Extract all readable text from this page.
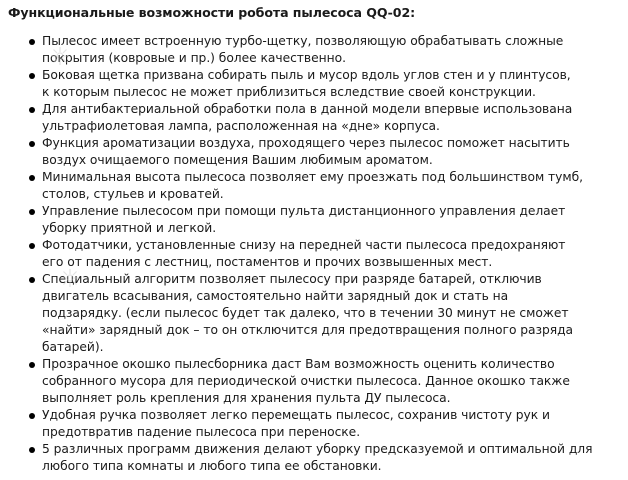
Функциональные возможности робота пылесоса QQ-02:
Пылесос имеет встроенную турбо-щетку, позволяющую обрабатывать сложные
покрытия (ковровые и пр.) более качественно.
Боковая щетка призвана собирать пыль и мусор вдоль углов стен и у плинтусов,
к которым пылесос не может приблизиться вследствие своей конструкции.
Для антибактериальной обработки пола в данной модели впервые использована
ультрафиолетовая лампа, расположенная на «дне» корпуса.
Функция ароматизации воздуха, проходящего через пылесос поможет насытить
воздух очищаемого помещения Вашим любимым ароматом.
Минимальная высота пылесоса позволяет ему проезжать под большинством тумб,
столов, стульев и кроватей.
Управление пылесосом при помощи пульта дистанционного управления делает
уборку приятной и легкой.
Фотодатчики, установленные снизу на передней части пылесоса предохраняют
его от падения с лестниц, постаментов и прочих возвышенных мест.
Специальный алгоритм позволяет пылесосу при разряде батарей, отключив
двигатель всасывания, самостоятельно найти зарядный док и стать на
подзарядку. (если пылесос будет так далеко, что в течении 30 минут не сможет
«найти» зарядный док – то он отключится для предотвращения полного разряда
батарей).
Прозрачное окошко пылесборника даст Вам возможность оценить количество
собранного мусора для периодической очистки пылесоса. Данное окошко также
выполняет роль крепления для хранения пульта ДУ пылесоса.
Удобная ручка позволяет легко перемещать пылесос, сохранив чистоту рук и
предотвратив падение пылесоса при переноске.
5 различных программ движения делают уборку предсказуемой и оптимальной для
любого типа комнаты и любого типа ее обстановки.
